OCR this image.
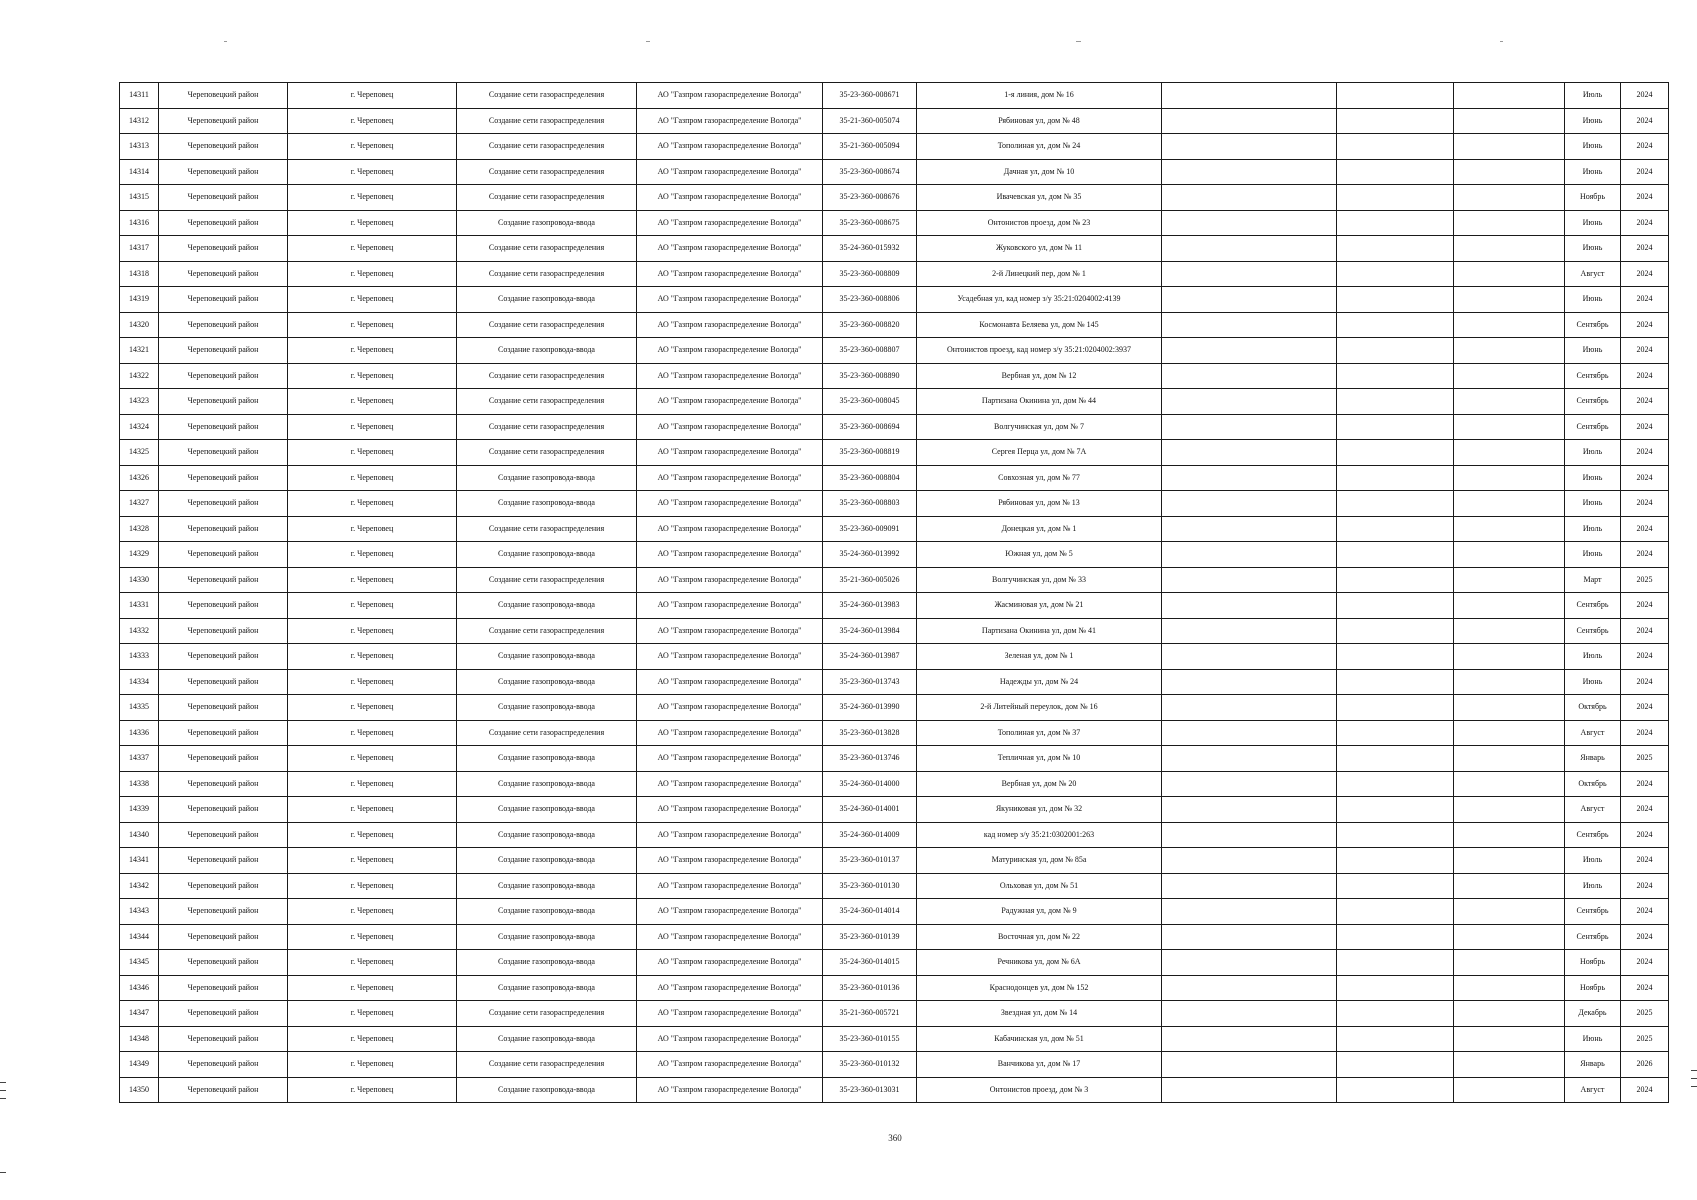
14311	Череповецкий район	г. Череповец	Создание сети газораспределения	АО "Газпром газораспределение Вологда"	35-23-360-008671	1-я линия, дом № 16				Июль	2024
14312	Череповецкий район	г. Череповец	Создание сети газораспределения	АО "Газпром газораспределение Вологда"	35-21-360-005074	Рябиновая ул, дом № 48				Июнь	2024
14313	Череповецкий район	г. Череповец	Создание сети газораспределения	АО "Газпром газораспределение Вологда"	35-21-360-005094	Тополиная ул, дом № 24				Июнь	2024
14314	Череповецкий район	г. Череповец	Создание сети газораспределения	АО "Газпром газораспределение Вологда"	35-23-360-008674	Дачная ул, дом № 10				Июнь	2024
14315	Череповецкий район	г. Череповец	Создание сети газораспределения	АО "Газпром газораспределение Вологда"	35-23-360-008676	Ивачевская ул, дом № 35				Ноябрь	2024
14316	Череповецкий район	г. Череповец	Создание газопровода-ввода	АО "Газпром газораспределение Вологда"	35-23-360-008675	Онтонистов проезд, дом № 23				Июнь	2024
14317	Череповецкий район	г. Череповец	Создание сети газораспределения	АО "Газпром газораспределение Вологда"	35-24-360-015932	Жуковского ул, дом № 11				Июнь	2024
14318	Череповецкий район	г. Череповец	Создание сети газораспределения	АО "Газпром газораспределение Вологда"	35-23-360-008809	2-й Линецкий пер, дом № 1				Август	2024
14319	Череповецкий район	г. Череповец	Создание газопровода-ввода	АО "Газпром газораспределение Вологда"	35-23-360-008806	Усадебная ул, кад номер з/у 35:21:0204002:4139				Июнь	2024
14320	Череповецкий район	г. Череповец	Создание сети газораспределения	АО "Газпром газораспределение Вологда"	35-23-360-008820	Космонавта Беляева ул, дом № 145				Сентябрь	2024
14321	Череповецкий район	г. Череповец	Создание газопровода-ввода	АО "Газпром газораспределение Вологда"	35-23-360-008807	Онтонистов проезд, кад номер з/у 35:21:0204002:3937				Июнь	2024
14322	Череповецкий район	г. Череповец	Создание сети газораспределения	АО "Газпром газораспределение Вологда"	35-23-360-008890	Вербная ул, дом № 12				Сентябрь	2024
14323	Череповецкий район	г. Череповец	Создание сети газораспределения	АО "Газпром газораспределение Вологда"	35-23-360-008045	Партизана Окинина ул, дом № 44				Сентябрь	2024
14324	Череповецкий район	г. Череповец	Создание сети газораспределения	АО "Газпром газораспределение Вологда"	35-23-360-008694	Волгучинская ул, дом № 7				Сентябрь	2024
14325	Череповецкий район	г. Череповец	Создание сети газораспределения	АО "Газпром газораспределение Вологда"	35-23-360-008819	Сергея Перца ул, дом № 7А				Июль	2024
14326	Череповецкий район	г. Череповец	Создание газопровода-ввода	АО "Газпром газораспределение Вологда"	35-23-360-008804	Совхозная ул, дом № 77				Июнь	2024
14327	Череповецкий район	г. Череповец	Создание газопровода-ввода	АО "Газпром газораспределение Вологда"	35-23-360-008803	Рябиновая ул, дом № 13				Июнь	2024
14328	Череповецкий район	г. Череповец	Создание сети газораспределения	АО "Газпром газораспределение Вологда"	35-23-360-009091	Донецкая ул, дом № 1				Июль	2024
14329	Череповецкий район	г. Череповец	Создание газопровода-ввода	АО "Газпром газораспределение Вологда"	35-24-360-013992	Южная ул, дом № 5				Июнь	2024
14330	Череповецкий район	г. Череповец	Создание сети газораспределения	АО "Газпром газораспределение Вологда"	35-21-360-005026	Волгучинская ул, дом № 33				Март	2025
14331	Череповецкий район	г. Череповец	Создание газопровода-ввода	АО "Газпром газораспределение Вологда"	35-24-360-013983	Жасминовая ул, дом № 21				Сентябрь	2024
14332	Череповецкий район	г. Череповец	Создание сети газораспределения	АО "Газпром газораспределение Вологда"	35-24-360-013984	Партизана Окинина ул, дом № 41				Сентябрь	2024
14333	Череповецкий район	г. Череповец	Создание газопровода-ввода	АО "Газпром газораспределение Вологда"	35-24-360-013987	Зеленая ул, дом № 1				Июль	2024
14334	Череповецкий район	г. Череповец	Создание газопровода-ввода	АО "Газпром газораспределение Вологда"	35-23-360-013743	Надежды ул, дом № 24				Июнь	2024
14335	Череповецкий район	г. Череповец	Создание газопровода-ввода	АО "Газпром газораспределение Вологда"	35-24-360-013990	2-й Литейный переулок, дом № 16				Октябрь	2024
14336	Череповецкий район	г. Череповец	Создание сети газораспределения	АО "Газпром газораспределение Вологда"	35-23-360-013828	Тополиная ул, дом № 37				Август	2024
14337	Череповецкий район	г. Череповец	Создание газопровода-ввода	АО "Газпром газораспределение Вологда"	35-23-360-013746	Тепличная ул, дом № 10				Январь	2025
14338	Череповецкий район	г. Череповец	Создание газопровода-ввода	АО "Газпром газораспределение Вологда"	35-24-360-014000	Вербная ул, дом № 20				Октябрь	2024
14339	Череповецкий район	г. Череповец	Создание газопровода-ввода	АО "Газпром газораспределение Вологда"	35-24-360-014001	Якуниковая ул, дом № 32				Август	2024
14340	Череповецкий район	г. Череповец	Создание газопровода-ввода	АО "Газпром газораспределение Вологда"	35-24-360-014009	кад номер з/у 35:21:0302001:263				Сентябрь	2024
14341	Череповецкий район	г. Череповец	Создание газопровода-ввода	АО "Газпром газораспределение Вологда"	35-23-360-010137	Матуринская ул, дом № 85а				Июль	2024
14342	Череповецкий район	г. Череповец	Создание газопровода-ввода	АО "Газпром газораспределение Вологда"	35-23-360-010130	Ольховая ул, дом № 51				Июль	2024
14343	Череповецкий район	г. Череповец	Создание газопровода-ввода	АО "Газпром газораспределение Вологда"	35-24-360-014014	Радужная ул, дом № 9				Сентябрь	2024
14344	Череповецкий район	г. Череповец	Создание газопровода-ввода	АО "Газпром газораспределение Вологда"	35-23-360-010139	Восточная ул, дом № 22				Сентябрь	2024
14345	Череповецкий район	г. Череповец	Создание газопровода-ввода	АО "Газпром газораспределение Вологда"	35-24-360-014015	Речникова ул, дом № 6А				Ноябрь	2024
14346	Череповецкий район	г. Череповец	Создание газопровода-ввода	АО "Газпром газораспределение Вологда"	35-23-360-010136	Краснодонцев ул, дом № 152				Ноябрь	2024
14347	Череповецкий район	г. Череповец	Создание сети газораспределения	АО "Газпром газораспределение Вологда"	35-21-360-005721	Звездная ул, дом № 14				Декабрь	2025
14348	Череповецкий район	г. Череповец	Создание газопровода-ввода	АО "Газпром газораспределение Вологда"	35-23-360-010155	Кабачинская ул, дом № 51				Июнь	2025
14349	Череповецкий район	г. Череповец	Создание сети газораспределения	АО "Газпром газораспределение Вологда"	35-23-360-010132	Ванчикова ул, дом № 17				Январь	2026
14350	Череповецкий район	г. Череповец	Создание газопровода-ввода	АО "Газпром газораспределение Вологда"	35-23-360-013031	Онтонистов проезд, дом № 3				Август	2024
360
